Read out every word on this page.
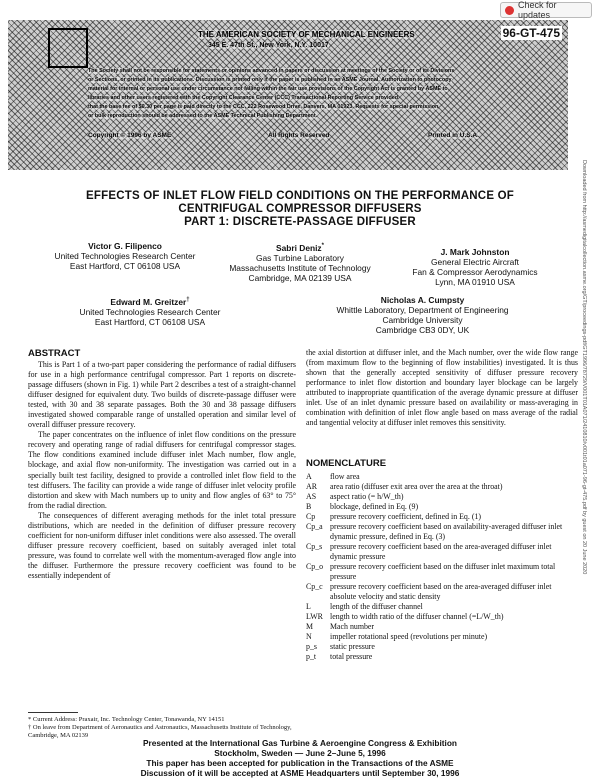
Check for updates
THE AMERICAN SOCIETY OF MECHANICAL ENGINEERS
345 E. 47th St., New York, N.Y. 10017
96-GT-475
The Society shall not be responsible for statements or opinions advanced in papers or discussion at meetings of the Society or of its Divisions
or Sections, or printed in its publications. Discussion is printed only if the paper is published in an ASME Journal. Authorization to photocopy
material for internal or personal use under circumstance not falling within the fair use provisions of the Copyright Act is granted by ASME to
libraries and other users registered with the Copyright Clearance Center (CCC) Transactional Reporting Service provided
that the base fee of $0.30 per page is paid directly to the CCC, 222 Rosewood Drive, Danvers, MA 01923. Requests for special permission
or bulk reproduction should be addressed to the ASME Technical Publishing Department.
Copyright © 1996 by ASME	All Rights Reserved	Printed in U.S.A.
Downloaded from http://asmedigitalcollection.asme.org/GT/proceedings-pdf/GT1996/78729/V001T01A071/2410810/v001t01a071-96-gt-475.pdf by guest on 20 June 2020
EFFECTS OF INLET FLOW FIELD CONDITIONS ON THE PERFORMANCE OF
CENTRIFUGAL COMPRESSOR DIFFUSERS
PART 1: DISCRETE-PASSAGE DIFFUSER
Victor G. Filipenco
United Technologies Research Center
East Hartford, CT 06108 USA
Sabri Deniz*
Gas Turbine Laboratory
Massachusetts Institute of Technology
Cambridge, MA 02139 USA
J. Mark Johnston
General Electric Aircraft
Fan & Compressor Aerodynamics
Lynn, MA 01910 USA
Edward M. Greitzer†
United Technologies Research Center
East Hartford, CT 06108 USA
Nicholas A. Cumpsty
Whittle Laboratory, Department of Engineering
Cambridge University
Cambridge CB3 0DY, UK
ABSTRACT

This is Part 1 of a two-part paper considering the performance of radial diffusers for use in a high performance centrifugal compressor. Part 1 reports on discrete-passage diffusers (shown in Fig. 1) while Part 2 describes a test of a straight-channel diffuser designed for equivalent duty. Two builds of discrete-passage diffuser were tested, with 30 and 38 separate passages. Both the 30 and 38 passage diffusers investigated showed comparable range of unstalled operation and similar level of overall diffuser pressure recovery.

The paper concentrates on the influence of inlet flow conditions on the pressure recovery and operating range of radial diffusers for centrifugal compressor stages. The flow conditions examined include diffuser inlet Mach number, flow angle, blockage, and axial flow non-uniformity. The investigation was carried out in a specially built test facility, designed to provide a controlled inlet flow field to the test diffusers. The facility can provide a wide range of diffuser inlet velocity profile distortion and skew with Mach numbers up to unity and flow angles of 63° to 75° from the radial direction.

The consequences of different averaging methods for the inlet total pressure distributions, which are needed in the definition of diffuser pressure recovery coefficient for non-uniform diffuser inlet conditions were also assessed. The overall diffuser pressure recovery coefficient, based on suitably averaged inlet total pressure, was found to correlate well with the momentum-averaged flow angle into the diffuser. Furthermore the pressure recovery coefficient was found to be essentially independent of

the axial distortion at diffuser inlet, and the Mach number, over the wide flow range (from maximum flow to the beginning of flow instabilities) investigated. It is thus shown that the generally accepted sensitivity of diffuser pressure recovery performance to inlet flow distortion and boundary layer blockage can be largely attributed to inappropriate quantification of the average dynamic pressure at diffuser inlet. Use of an inlet dynamic pressure based on availability or mass-averaging in combination with definition of inlet flow angle based on mass average of the radial and tangential velocity at diffuser inlet removes this sensitivity.

NOMENCLATURE
A	flow area
AR	area ratio (diffuser exit area over the area at the throat)
AS	aspect ratio (= h/W_th)
B	blockage, defined in Eq. (9)
Cp	pressure recovery coefficient, defined in Eq. (1)
Cp_a pressure recovery coefficient based on availability-averaged diffuser inlet dynamic pressure, defined in Eq. (3)
Cp_s pressure recovery coefficient based on the area-averaged diffuser inlet dynamic pressure
Cp_o pressure recovery coefficient based on the diffuser inlet maximum total pressure
Cp_c pressure recovery coefficient based on the area-averaged diffuser inlet absolute velocity and static density
L	length of the diffuser channel
LWR length to width ratio of the diffuser channel (=L/W_th)
M	Mach number
N	impeller rotational speed (revolutions per minute)
p_s	static pressure
p_t	total pressure
* Current Address: Praxair, Inc. Technology Center, Tonawanda, NY 14151
† On leave from Department of Aeronautics and Astronautics, Massachusetts Institute of Technology, Cambridge, MA 02139
Presented at the International Gas Turbine & Aeroengine Congress & Exhibition
Stockholm, Sweden — June 2–June 5, 1996
This paper has been accepted for publication in the Transactions of the ASME
Discussion of it will be accepted at ASME Headquarters until September 30, 1996
